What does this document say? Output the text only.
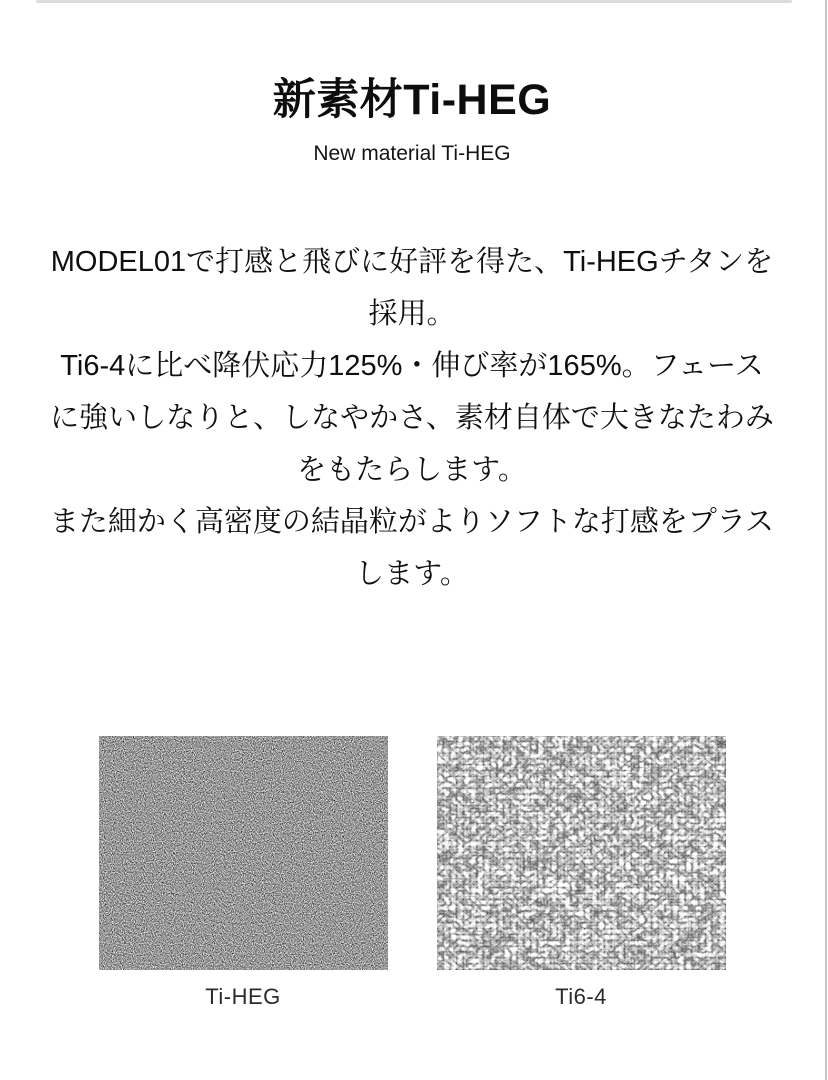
新素材Ti-HEG
New material Ti-HEG
MODEL01で打感と飛びに好評を得た、Ti-HEGチタンを
採用。
Ti6-4に比べ降伏応力125%・伸び率が165%。フェース
に強いしなりと、しなやかさ、素材自体で大きなたわみ
をもたらします。
また細かく高密度の結晶粒がよりソフトな打感をプラス
します。
Ti-HEG	Ti6-4
